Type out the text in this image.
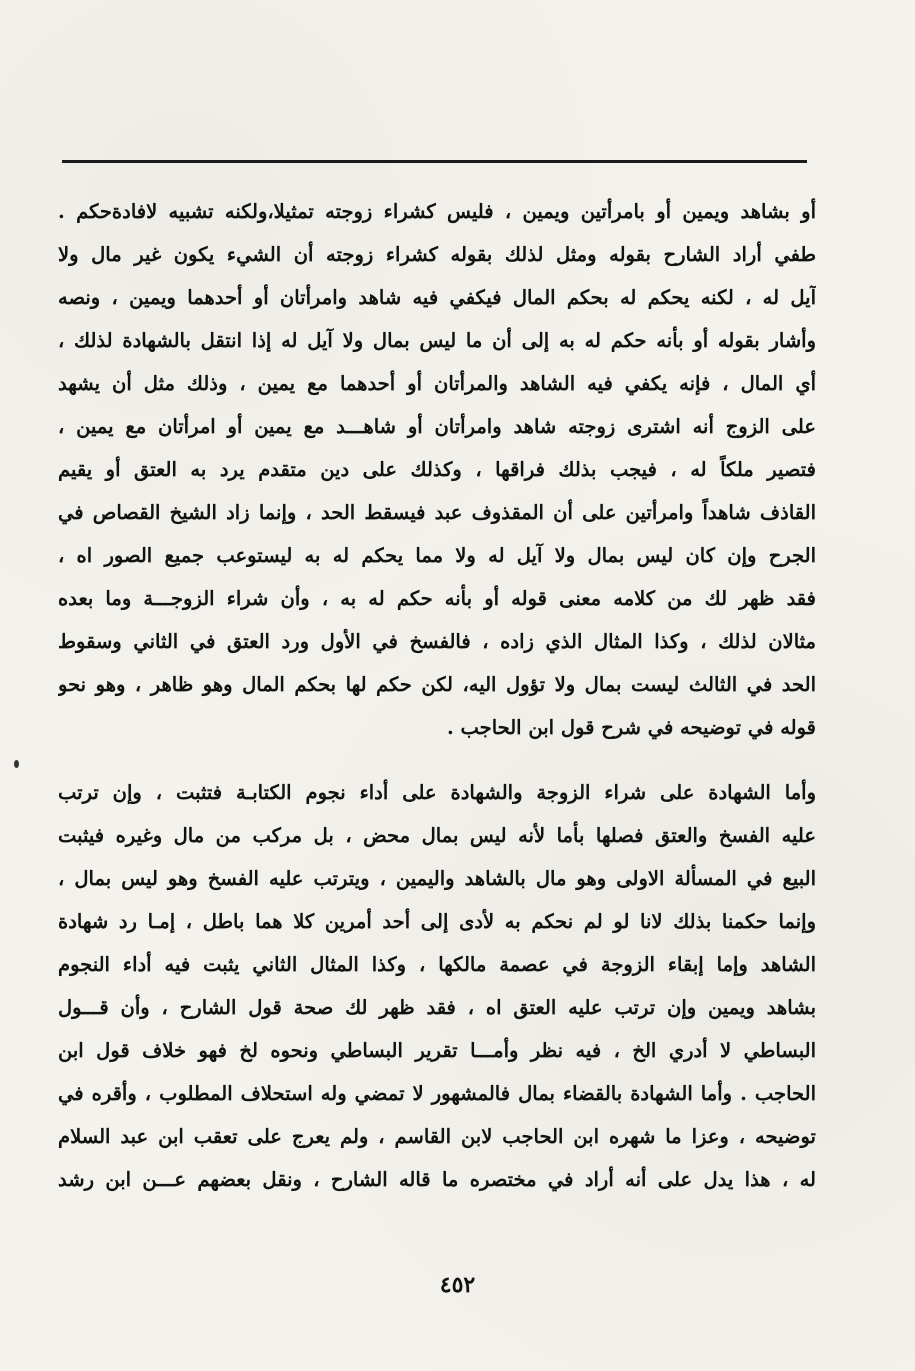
أو بشاهد ويمين أو بامرأتين ويمين ، فليس كشراء زوجته تمثيلا،ولكنه تشبيه لافادةحكم .
طفي أراد الشارح بقوله ومثل لذلك بقوله كشراء زوجته أن الشيء يكون غير مال ولا
آيل له ، لكنه يحكم له بحكم المال فيكفي فيه شاهد وامرأتان أو أحدهما ويمين ، ونصه
وأشار بقوله أو بأنه حكم له به إلى أن ما ليس بمال ولا آيل له إذا انتقل بالشهادة لذلك ،
أي المال ، فإنه يكفي فيه الشاهد والمرأتان أو أحدهما مع يمين ، وذلك مثل أن يشهد
على الزوج أنه اشترى زوجته شاهد وامرأتان أو شاهـــد مع يمين أو امرأتان مع يمين ،
فتصير ملكاً له ، فيجب بذلك فراقها ، وكذلك على دين متقدم يرد به العتق أو يقيم
القاذف شاهداً وامرأتين على أن المقذوف عبد فيسقط الحد ، وإنما زاد الشيخ القصاص في
الجرح وإن كان ليس بمال ولا آيل له ولا مما يحكم له به ليستوعب جميع الصور اه ،
فقد ظهر لك من كلامه معنى قوله أو بأنه حكم له به ، وأن شراء الزوجـــة وما بعده
مثالان لذلك ، وكذا المثال الذي زاده ، فالفسخ في الأول ورد العتق في الثاني وسقوط
الحد في الثالث ليست بمال ولا تؤول اليه، لكن حكم لها بحكم المال وهو ظاهر ، وهو نحو
قوله في توضيحه في شرح قول ابن الحاجب .
وأما الشهادة على شراء الزوجة والشهادة على أداء نجوم الكتابـة فتثبت ، وإن ترتب
عليه الفسخ والعتق فصلها بأما لأنه ليس بمال محض ، بل مركب من مال وغيره فيثبت
البيع في المسألة الاولى وهو مال بالشاهد واليمين ، ويترتب عليه الفسخ وهو ليس بمال ،
وإنما حكمنا بذلك لانا لو لم نحكم به لأدى إلى أحد أمرين كلا هما باطل ، إمـا رد شهادة
الشاهد وإما إبقاء الزوجة في عصمة مالكها ، وكذا المثال الثاني يثبت فيه أداء النجوم
بشاهد ويمين وإن ترتب عليه العتق اه ، فقد ظهر لك صحة قول الشارح ، وأن قـــول
البساطي لا أدري الخ ، فيه نظر وأمـــا تقرير البساطي ونحوه لخ فهو خلاف قول ابن
الحاجب . وأما الشهادة بالقضاء بمال فالمشهور لا تمضي وله استحلاف المطلوب ، وأقره في
توضيحه ، وعزا ما شهره ابن الحاجب لابن القاسم ، ولم يعرج على تعقب ابن عبد السلام
له ، هذا يدل على أنه أراد في مختصره ما قاله الشارح ، ونقل بعضهم عـــن ابن رشد
٤٥٢
